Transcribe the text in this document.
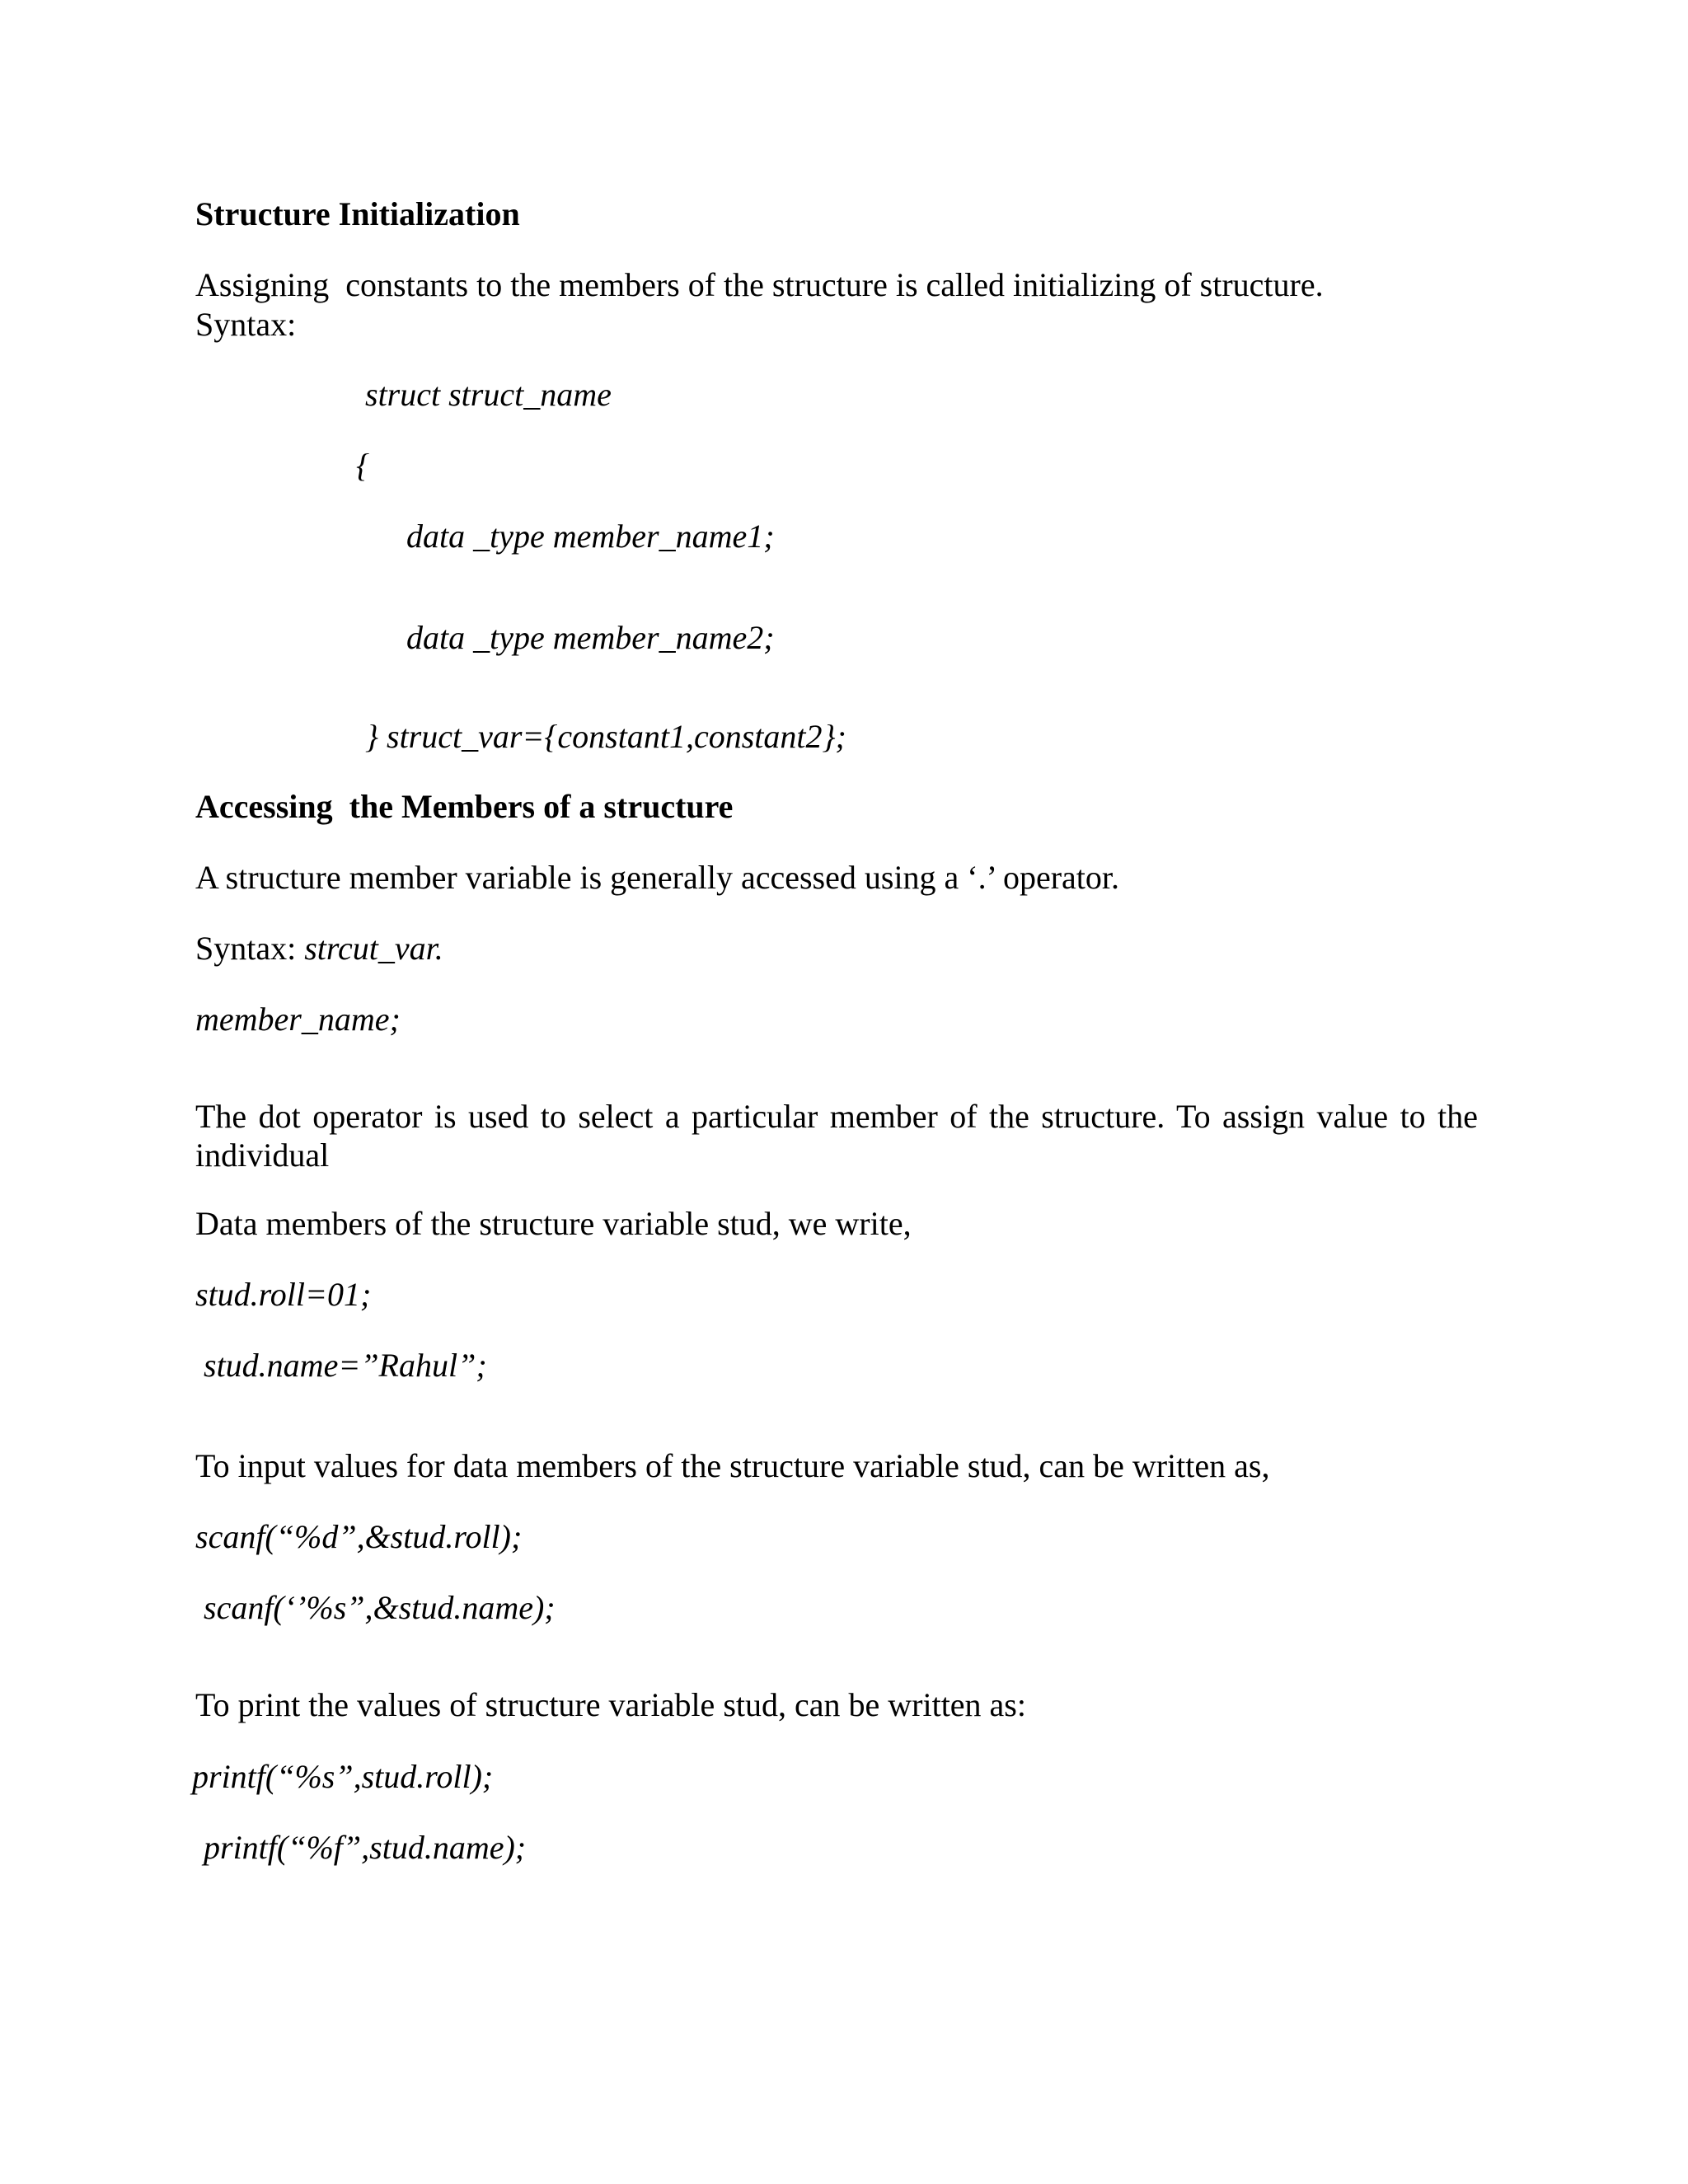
Structure Initialization

Assigning  constants to the members of the structure is called initializing of structure.

Syntax:

struct struct_name

{

data _type member_name1;

data _type member_name2;

} struct_var={constant1,constant2};

Accessing  the Members of a structure

A structure member variable is generally accessed using a ‘.’ operator.

Syntax: strcut_var.

member_name;

The dot operator is used to select a particular member of the structure. To assign value to the individual

Data members of the structure variable stud, we write,

stud.roll=01;

stud.name=”Rahul”;

To input values for data members of the structure variable stud, can be written as,

scanf(“%d”,&stud.roll);

scanf(‘’%s”,&stud.name);

To print the values of structure variable stud, can be written as:

printf(“%s”,stud.roll);

printf(“%f”,stud.name);
